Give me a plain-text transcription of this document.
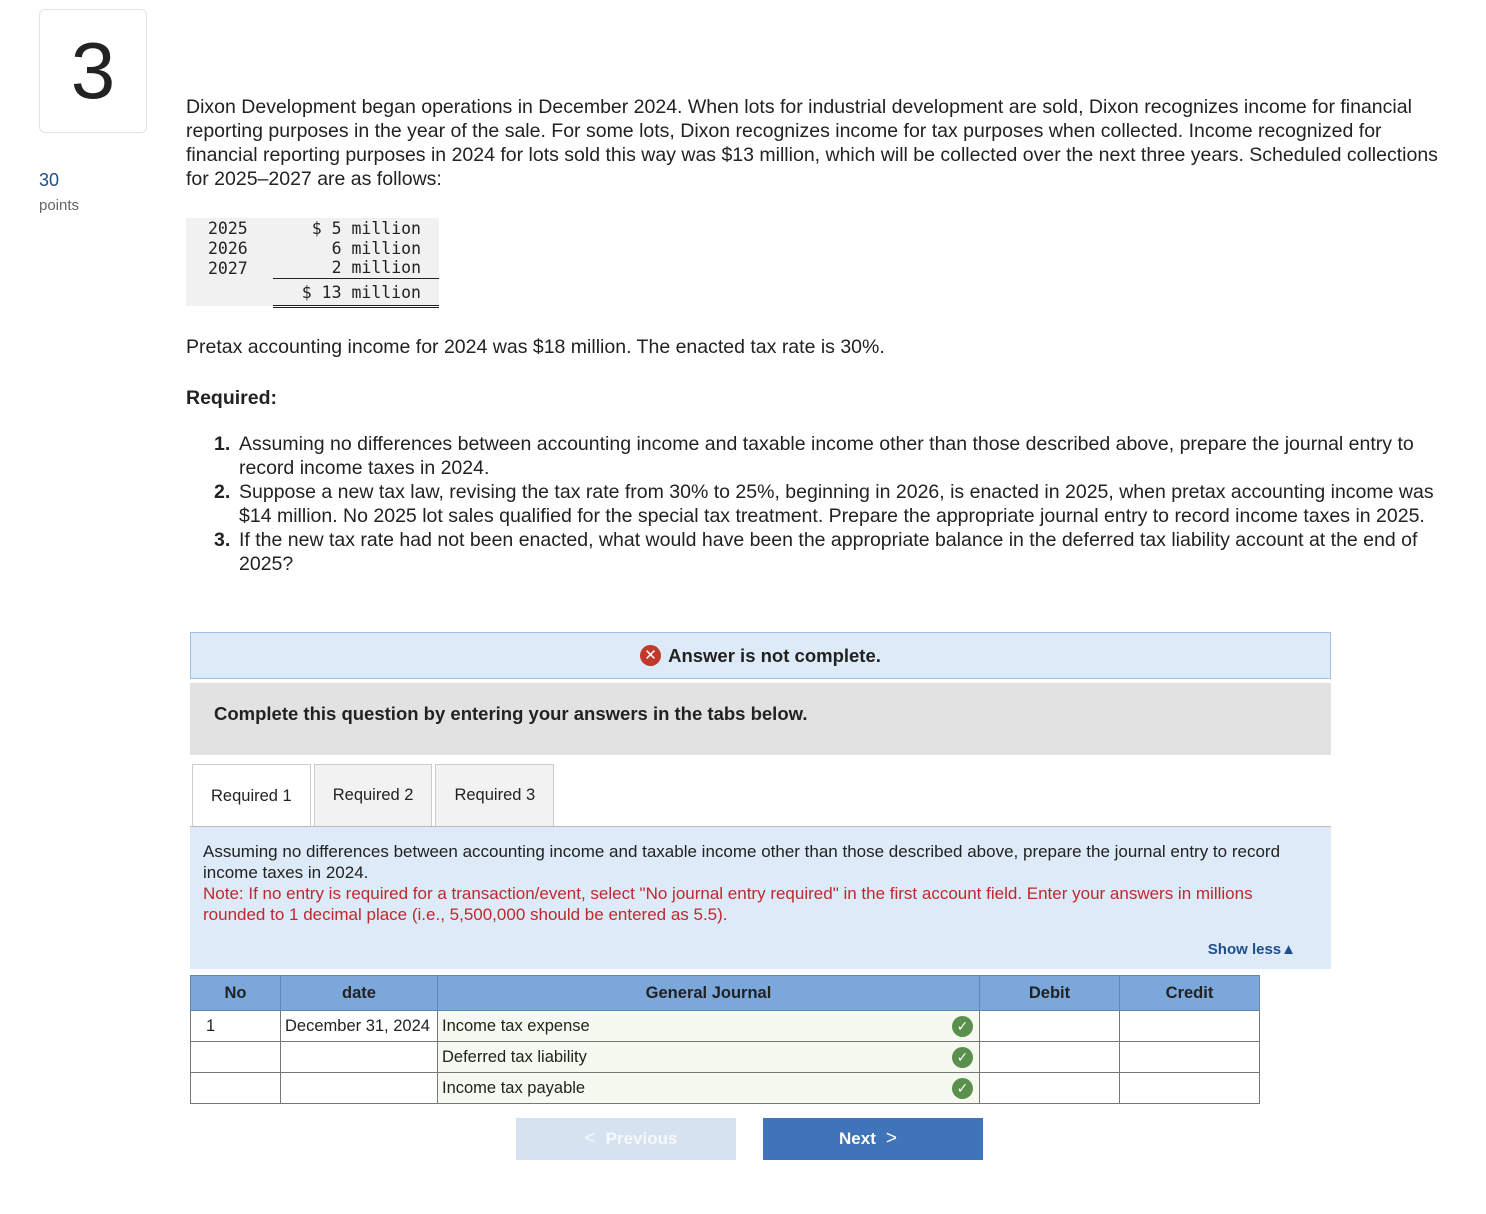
3
30
points
Dixon Development began operations in December 2024. When lots for industrial development are sold, Dixon recognizes income for financial reporting purposes in the year of the sale. For some lots, Dixon recognizes income for tax purposes when collected. Income recognized for financial reporting purposes in 2024 for lots sold this way was $13 million, which will be collected over the next three years. Scheduled collections for 2025–2027 are as follows:
2025	$ 5 million
2026	6 million
2027	2 million
	$ 13 million
Pretax accounting income for 2024 was $18 million. The enacted tax rate is 30%.
Required:
1. Assuming no differences between accounting income and taxable income other than those described above, prepare the journal entry to record income taxes in 2024.
2. Suppose a new tax law, revising the tax rate from 30% to 25%, beginning in 2026, is enacted in 2025, when pretax accounting income was $14 million. No 2025 lot sales qualified for the special tax treatment. Prepare the appropriate journal entry to record income taxes in 2025.
3. If the new tax rate had not been enacted, what would have been the appropriate balance in the deferred tax liability account at the end of 2025?
✕ Answer is not complete.
Complete this question by entering your answers in the tabs below.
Required 1	Required 2	Required 3
Assuming no differences between accounting income and taxable income other than those described above, prepare the journal entry to record income taxes in 2024.
Note: If no entry is required for a transaction/event, select "No journal entry required" in the first account field. Enter your answers in millions rounded to 1 decimal place (i.e., 5,500,000 should be entered as 5.5).
Show less▲
No	date	General Journal	Debit	Credit
1	December 31, 2024	Income tax expense ✓		

		Deferred tax liability ✓		

		Income tax payable ✓		

< Previous	Next >
